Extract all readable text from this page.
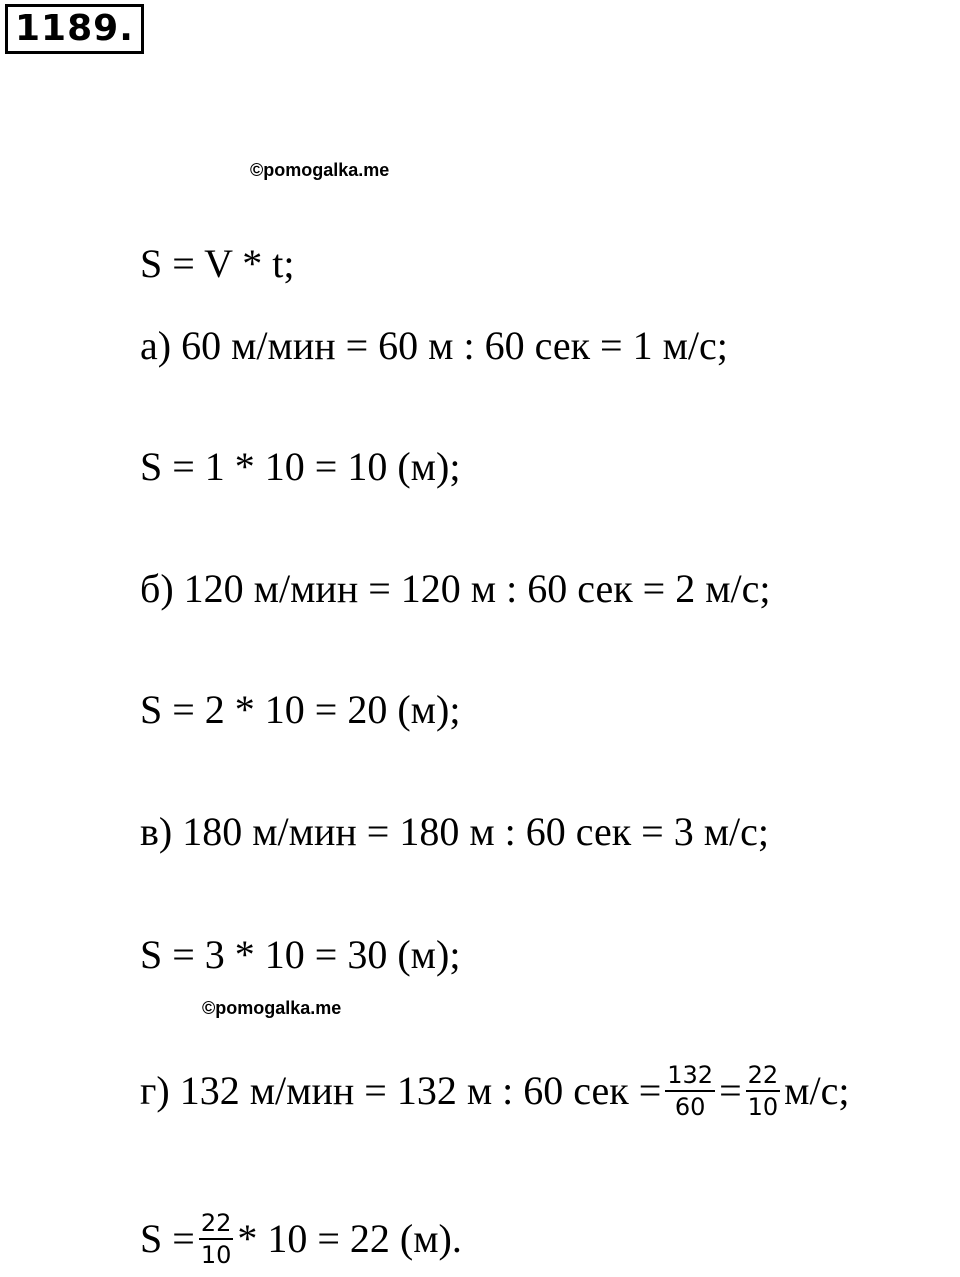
1189.
©pomogalka.me
S = V * t;
а) 60 м/мин = 60 м : 60 сек = 1 м/с;
S = 1 * 10 = 10 (м);
б) 120 м/мин = 120 м : 60 сек = 2 м/с;
S = 2 * 10 = 20 (м);
в) 180 м/мин = 180 м : 60 сек = 3 м/с;
S = 3 * 10 = 30 (м);
©pomogalka.me
г) 132 м/мин = 132 м : 60 сек = $\frac{132}{60} = \frac{22}{10} м/с$;
$S = \frac{22}{10} * 10 = 22$ (м).
